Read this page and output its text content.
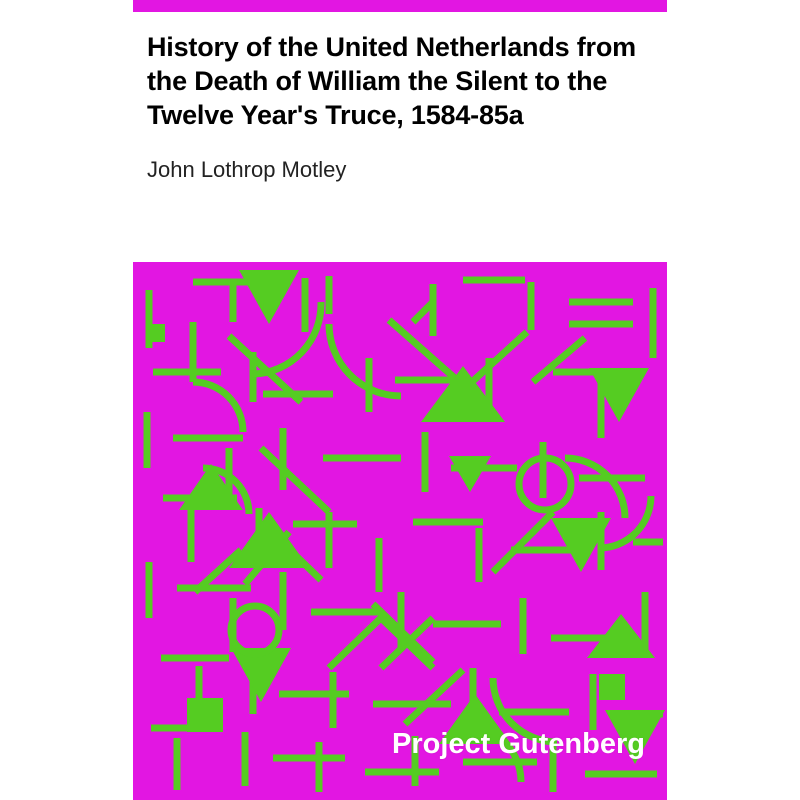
History of the United Netherlands from the Death of William the Silent to the Twelve Year's Truce, 1584-85a
John Lothrop Motley
Project Gutenberg
